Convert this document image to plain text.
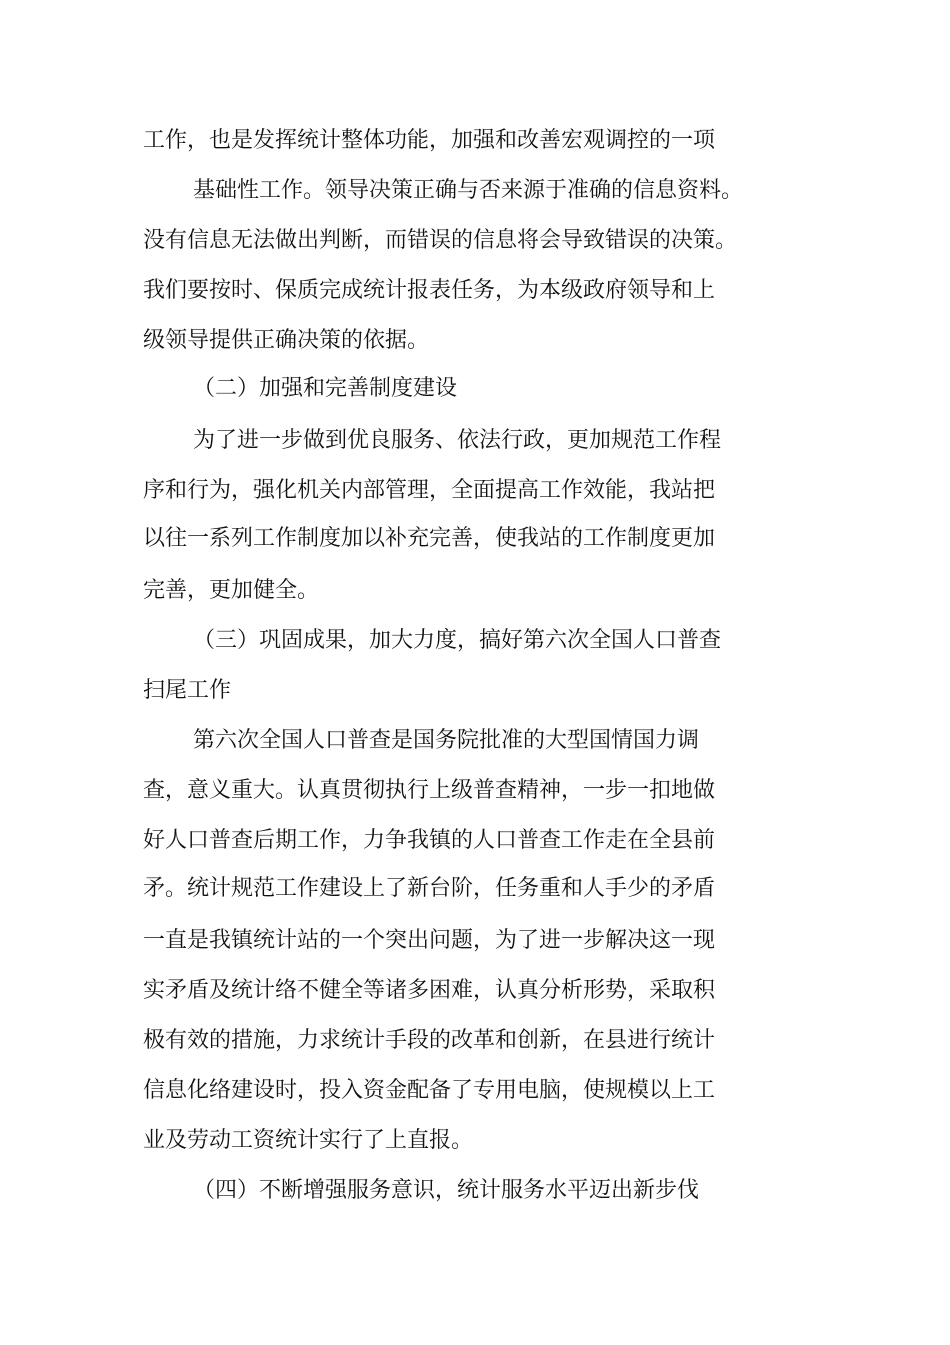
工作，也是发挥统计整体功能，加强和改善宏观调控的一项

基础性工作。领导决策正确与否来源于准确的信息资料。

没有信息无法做出判断，而错误的信息将会导致错误的决策。

我们要按时、保质完成统计报表任务，为本级政府领导和上

级领导提供正确决策的依据。

（二）加强和完善制度建设

为了进一步做到优良服务、依法行政，更加规范工作程

序和行为，强化机关内部管理，全面提高工作效能，我站把

以往一系列工作制度加以补充完善，使我站的工作制度更加

完善，更加健全。

（三）巩固成果，加大力度，搞好第六次全国人口普查

扫尾工作

第六次全国人口普查是国务院批准的大型国情国力调

查，意义重大。认真贯彻执行上级普查精神，一步一扣地做

好人口普查后期工作，力争我镇的人口普查工作走在全县前

矛。统计规范工作建设上了新台阶，任务重和人手少的矛盾

一直是我镇统计站的一个突出问题，为了进一步解决这一现

实矛盾及统计络不健全等诸多困难，认真分析形势，采取积

极有效的措施，力求统计手段的改革和创新，在县进行统计

信息化络建设时，投入资金配备了专用电脑，使规模以上工

业及劳动工资统计实行了上直报。

（四）不断增强服务意识，统计服务水平迈出新步伐
